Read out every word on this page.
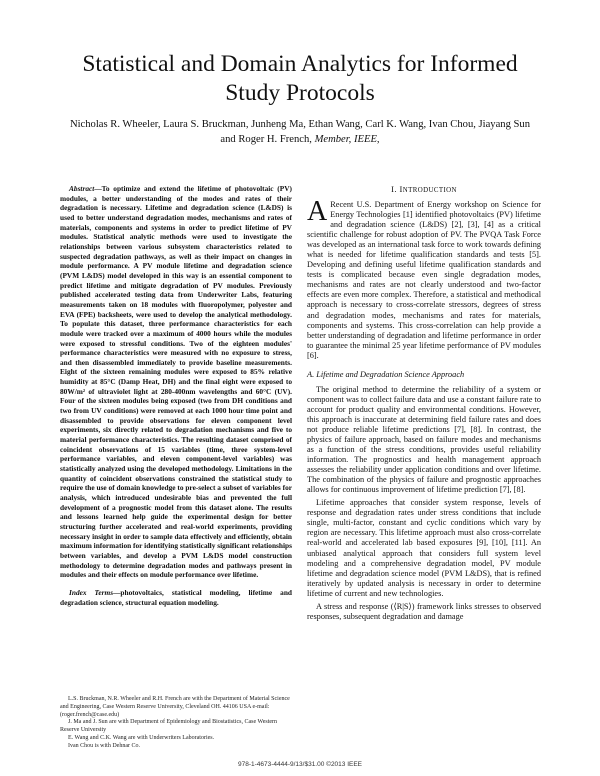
Statistical and Domain Analytics for Informed
Study Protocols
Nicholas R. Wheeler, Laura S. Bruckman, Junheng Ma, Ethan Wang, Carl K. Wang, Ivan Chou, Jiayang Sun
and Roger H. French, Member, IEEE,

Abstract—To optimize and extend the lifetime of photovoltaic (PV) modules, a better understanding of the modes and rates of their degradation is necessary. Lifetime and degradation science (L&DS) is used to better understand degradation modes, mechanisms and rates of materials, components and systems in order to predict lifetime of PV modules. Statistical analytic methods were used to investigate the relationships between various subsystem characteristics related to suspected degradation pathways, as well as their impact on changes in module performance. A PV module lifetime and degradation science (PVM L&DS) model developed in this way is an essential component to predict lifetime and mitigate degradation of PV modules. Previously published accelerated testing data from Underwriter Labs, featuring measurements taken on 18 modules with fluoropolymer, polyester and EVA (FPE) backsheets, were used to develop the analytical methodology. To populate this dataset, three performance characteristics for each module were tracked over a maximum of 4000 hours while the modules were exposed to stressful conditions. Two of the eighteen modules' performance characteristics were measured with no exposure to stress, and then disassembled immediately to provide baseline measurements. Eight of the sixteen remaining modules were exposed to 85% relative humidity at 85°C (Damp Heat, DH) and the final eight were exposed to 80W/m² of ultraviolet light at 280-400nm wavelengths and 60°C (UV). Four of the sixteen modules being exposed (two from DH conditions and two from UV conditions) were removed at each 1000 hour time point and disassembled to provide observations for eleven component level experiments, six directly related to degradation mechanisms and five to material performance characteristics. The resulting dataset comprised of coincident observations of 15 variables (time, three system-level performance variables, and eleven component-level variables) was statistically analyzed using the developed methodology. Limitations in the quantity of coincident observations constrained the statistical study to require the use of domain knowledge to pre-select a subset of variables for analysis, which introduced undesirable bias and prevented the full development of a prognostic model from this dataset alone. The results and lessons learned help guide the experimental design for better structuring further accelerated and real-world experiments, providing necessary insight in order to sample data effectively and efficiently, obtain maximum information for identifying statistically significant relationships between variables, and develop a PVM L&DS model construction methodology to determine degradation modes and pathways present in modules and their effects on module performance over lifetime.

Index Terms—photovoltaics, statistical modeling, lifetime and degradation science, structural equation modeling.

L.S. Bruckman, N.R. Wheeler and R.H. French are with the Department of Material Science and Engineering, Case Western Reserve University, Cleveland OH. 44106 USA e-mail: (roger.french@case.edu)

J. Ma and J. Sun are with Department of Epidemiology and Biostatistics, Case Western Reserve University

E. Wang and C.K. Wang are with Underwriters Laboratories.

Ivan Chou is with Dehnar Co.

I. INTRODUCTION

A Recent U.S. Department of Energy workshop on Science for Energy Technologies [1] identified photovoltaics (PV) lifetime and degradation science (L&DS) [2], [3], [4] as a critical scientific challenge for robust adoption of PV. The PVQA Task Force was developed as an international task force to work towards defining what is needed for lifetime qualification standards and tests [5]. Developing and defining useful lifetime qualification standards and tests is complicated because even single degradation modes, mechanisms and rates are not clearly understood and two-factor effects are even more complex. Therefore, a statistical and methodical approach is necessary to cross-correlate stressors, degrees of stress and degradation modes, mechanisms and rates for materials, components and systems. This cross-correlation can help provide a better understanding of degradation and lifetime performance in order to guarantee the minimal 25 year lifetime performance of PV modules [6].

A. Lifetime and Degradation Science Approach

The original method to determine the reliability of a system or component was to collect failure data and use a constant failure rate to account for product quality and environmental conditions. However, this approach is inaccurate at determining field failure rates and does not produce reliable lifetime predictions [7], [8]. In contrast, the physics of failure approach, based on failure modes and mechanisms as a function of the stress conditions, provides useful reliability information. The prognostics and health management approach assesses the reliability under application conditions and over lifetime. The combination of the physics of failure and prognostic approaches allows for continuous improvement of lifetime prediction [7], [8].

Lifetime approaches that consider system response, levels of response and degradation rates under stress conditions that include single, multi-factor, constant and cyclic conditions which vary by region are necessary. This lifetime approach must also cross-correlate real-world and accelerated lab based exposures [9], [10], [11]. An unbiased analytical approach that considers full system level modeling and a comprehensive degradation model, PV module lifetime and degradation science model (PVM L&DS), that is refined iteratively by updated analysis is necessary in order to determine lifetime of current and new technologies.

A stress and response (⟨R|S⟩) framework links stresses to observed responses, subsequent degradation and damage

978-1-4673-4444-9/13/$31.00 ©2013 IEEE
